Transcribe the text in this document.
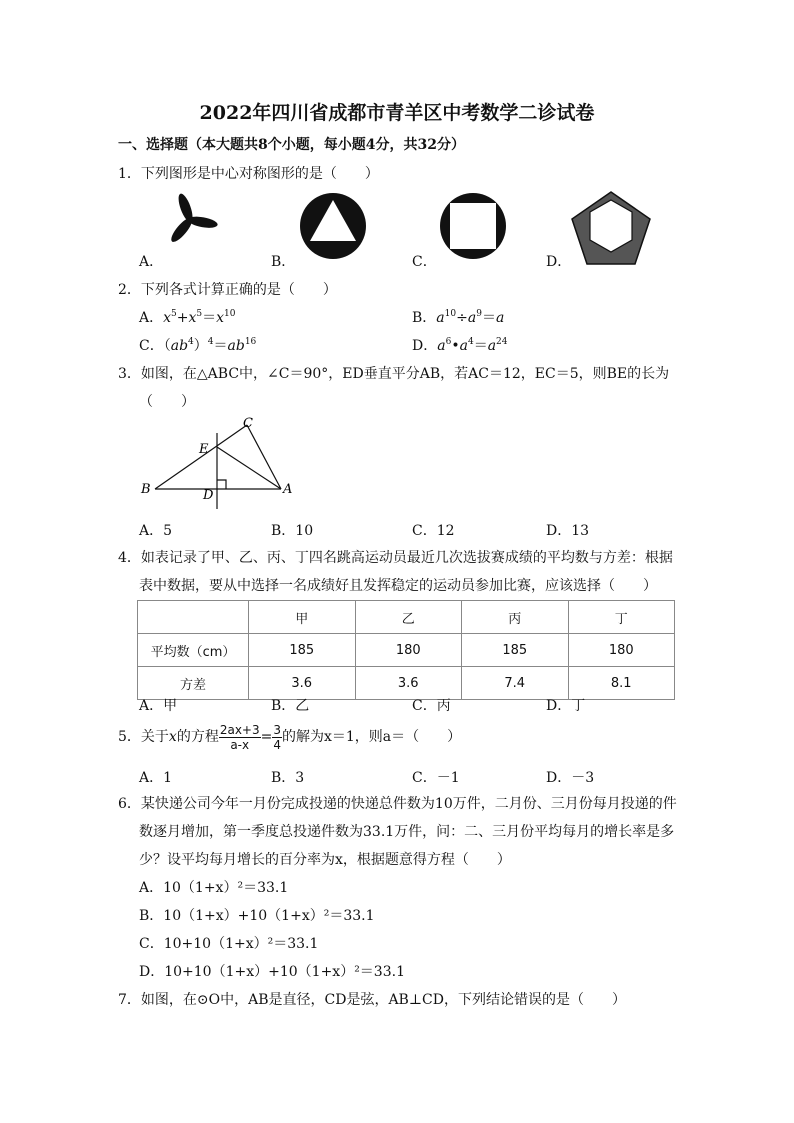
2022年四川省成都市青羊区中考数学二诊试卷
一、选择题（本大题共8个小题，每小题4分，共32分）
1．下列图形是中心对称图形的是（　　）
A．	B．	C．	D．
2．下列各式计算正确的是（　　）
A．$x^5+x^5=x^{10}$	B．$a^{10}\div a^9=a$
C．$(ab^4)^4=ab^{16}$	D．$a^6•a^4=a^{24}$
3．如图，在△ABC中，∠C＝90°，ED垂直平分AB，若AC＝12，EC＝5，则BE的长为
（　　）
C
E
B	A
D
A．5	B．10	C．12	D．13
4．如表记录了甲、乙、丙、丁四名跳高运动员最近几次选拔赛成绩的平均数与方差：根据
表中数据，要从中选择一名成绩好且发挥稳定的运动员参加比赛，应该选择（　　）
	甲	乙	丙	丁
平均数（cm）	185	180	185	180
方差	3.6	3.6	7.4	8.1
A．甲	B．乙	C．丙	D．丁
5．关于x的方程 $\frac{2ax+3}{a-x} = \frac{3}{4}$ 的解为x＝1，则a＝（　　）
A．1	B．3	C．－1	D．－3
6．某快递公司今年一月份完成投递的快递总件数为10万件，二月份、三月份每月投递的件
数逐月增加，第一季度总投递件数为33.1万件，问：二、三月份平均每月的增长率是多
少？设平均每月增长的百分率为x，根据题意得方程（　　）
A．10（1+x）²＝33.1
B．10（1+x）+10（1+x）²＝33.1
C．10+10（1+x）²＝33.1
D．10+10（1+x）+10（1+x）²＝33.1
7．如图，在⊙O中，AB是直径，CD是弦，AB⊥CD，下列结论错误的是（　　）
